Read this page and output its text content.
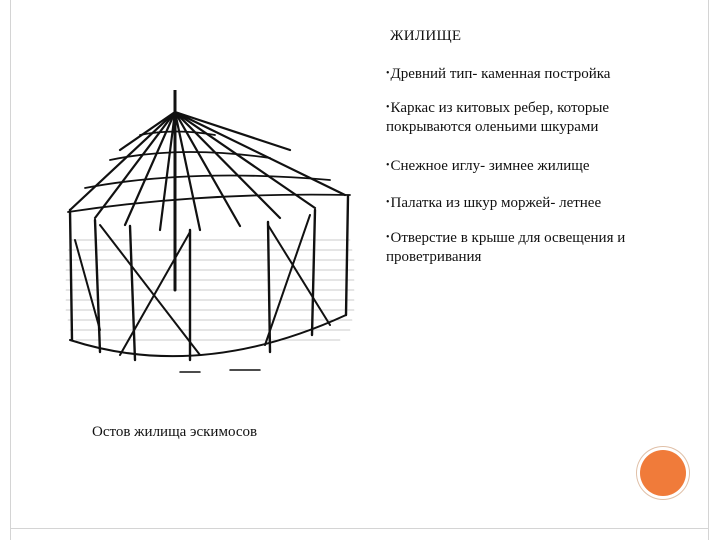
ЖИЛИЩЕ
•Древний тип- каменная постройка
•Каркас из китовых ребер, которые покрываются оленьими шкурами
•Снежное иглу- зимнее жилище
•Палатка из шкур моржей- летнее
•Отверстие в крыше для освещения и проветривания
Остов жилища эскимосов
